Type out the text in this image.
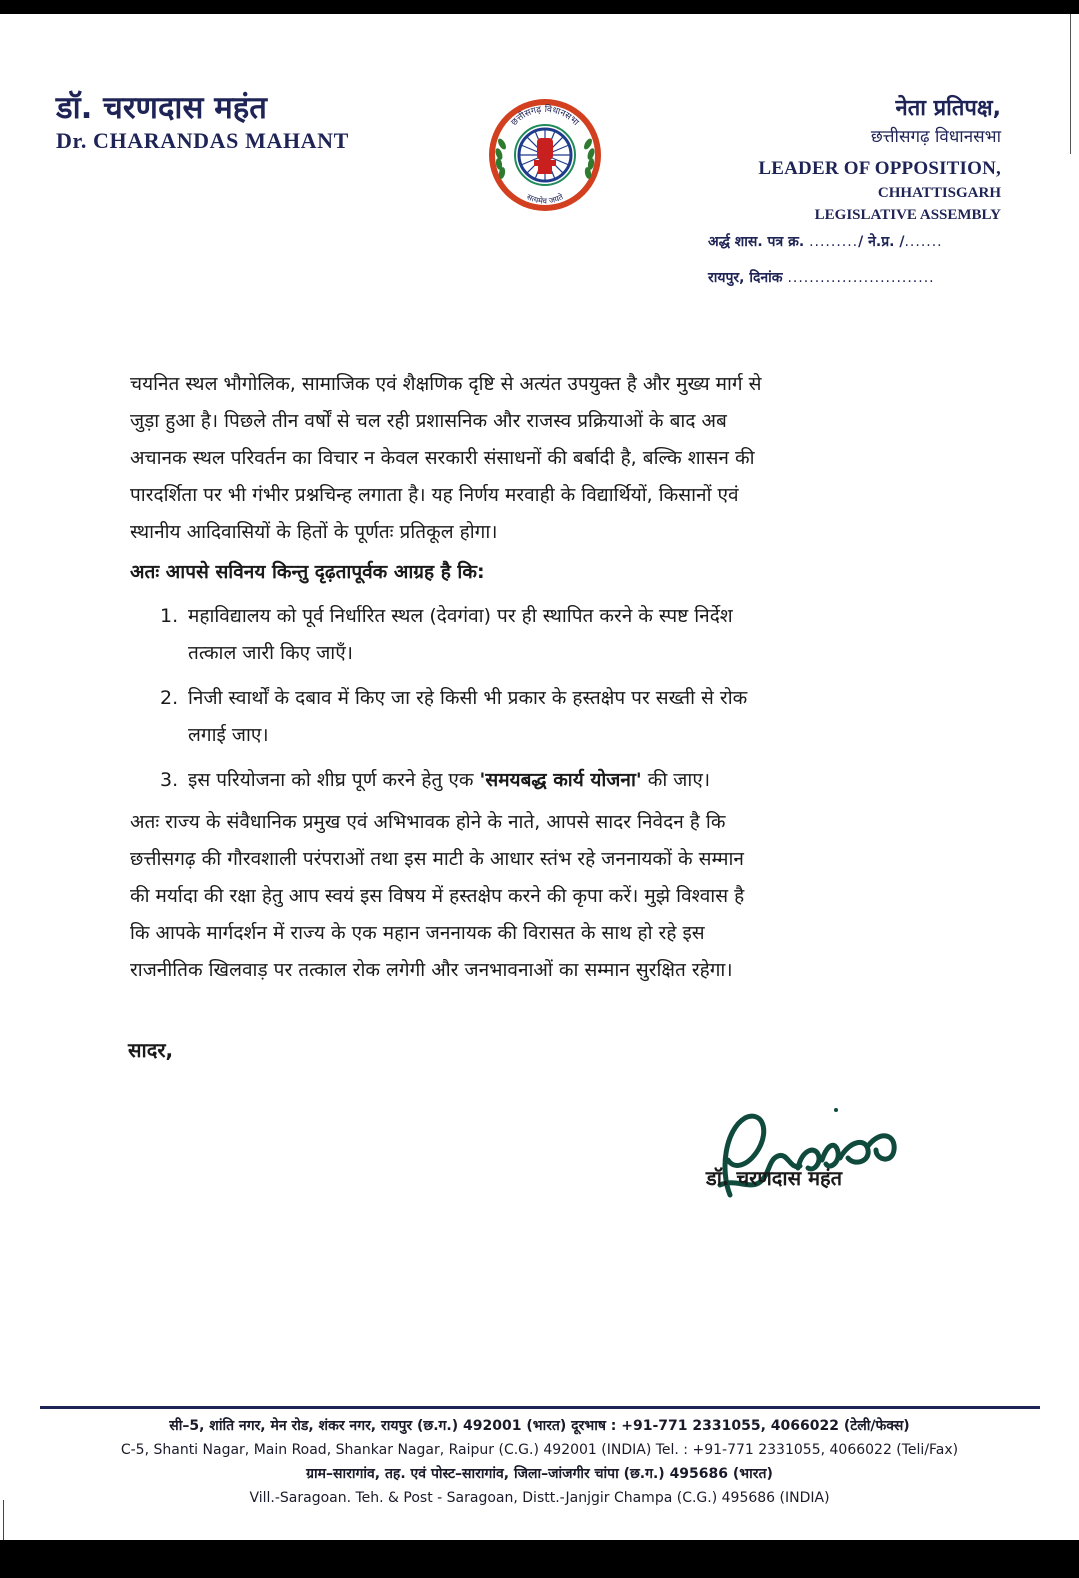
डॉ. चरणदास महंत
Dr. CHARANDAS MAHANT
छत्तीसगढ़ विधानसभा
सत्यमेव जयते
नेता प्रतिपक्ष,
छत्तीसगढ़ विधानसभा
LEADER OF OPPOSITION,
CHHATTISGARH
LEGISLATIVE ASSEMBLY
अर्द्ध शास. पत्र क्र. ........./ ने.प्र. /.......
रायपुर, दिनांक ...........................
चयनित स्थल भौगोलिक, सामाजिक एवं शैक्षणिक दृष्टि से अत्यंत उपयुक्त है और मुख्य मार्ग से
जुड़ा हुआ है। पिछले तीन वर्षों से चल रही प्रशासनिक और राजस्व प्रक्रियाओं के बाद अब
अचानक स्थल परिवर्तन का विचार न केवल सरकारी संसाधनों की बर्बादी है, बल्कि शासन की
पारदर्शिता पर भी गंभीर प्रश्नचिन्ह लगाता है। यह निर्णय मरवाही के विद्यार्थियों, किसानों एवं
स्थानीय आदिवासियों के हितों के पूर्णतः प्रतिकूल होगा।
अतः आपसे सविनय किन्तु दृढ़तापूर्वक आग्रह है कि:
1. महाविद्यालय को पूर्व निर्धारित स्थल (देवगंवा) पर ही स्थापित करने के स्पष्ट निर्देश
तत्काल जारी किए जाएँ।
2. निजी स्वार्थों के दबाव में किए जा रहे किसी भी प्रकार के हस्तक्षेप पर सख्ती से रोक
लगाई जाए।
3. इस परियोजना को शीघ्र पूर्ण करने हेतु एक 'समयबद्ध कार्य योजना' की जाए।
अतः राज्य के संवैधानिक प्रमुख एवं अभिभावक होने के नाते, आपसे सादर निवेदन है कि
छत्तीसगढ़ की गौरवशाली परंपराओं तथा इस माटी के आधार स्तंभ रहे जननायकों के सम्मान
की मर्यादा की रक्षा हेतु आप स्वयं इस विषय में हस्तक्षेप करने की कृपा करें। मुझे विश्वास है
कि आपके मार्गदर्शन में राज्य के एक महान जननायक की विरासत के साथ हो रहे इस
राजनीतिक खिलवाड़ पर तत्काल रोक लगेगी और जनभावनाओं का सम्मान सुरक्षित रहेगा।
सादर,
डॉ. चरणदास महंत
सी–5, शांति नगर, मेन रोड, शंकर नगर, रायपुर (छ.ग.) 492001 (भारत) दूरभाष : +91-771 2331055, 4066022 (टेली/फेक्स)
C-5, Shanti Nagar, Main Road, Shankar Nagar, Raipur (C.G.) 492001 (INDIA) Tel. : +91-771 2331055, 4066022 (Teli/Fax)
ग्राम–सारागांव, तह. एवं पोस्ट–सारागांव, जिला–जांजगीर चांपा (छ.ग.) 495686 (भारत)
Vill.-Saragoan. Teh. & Post - Saragoan, Distt.-Janjgir Champa (C.G.) 495686 (INDIA)
